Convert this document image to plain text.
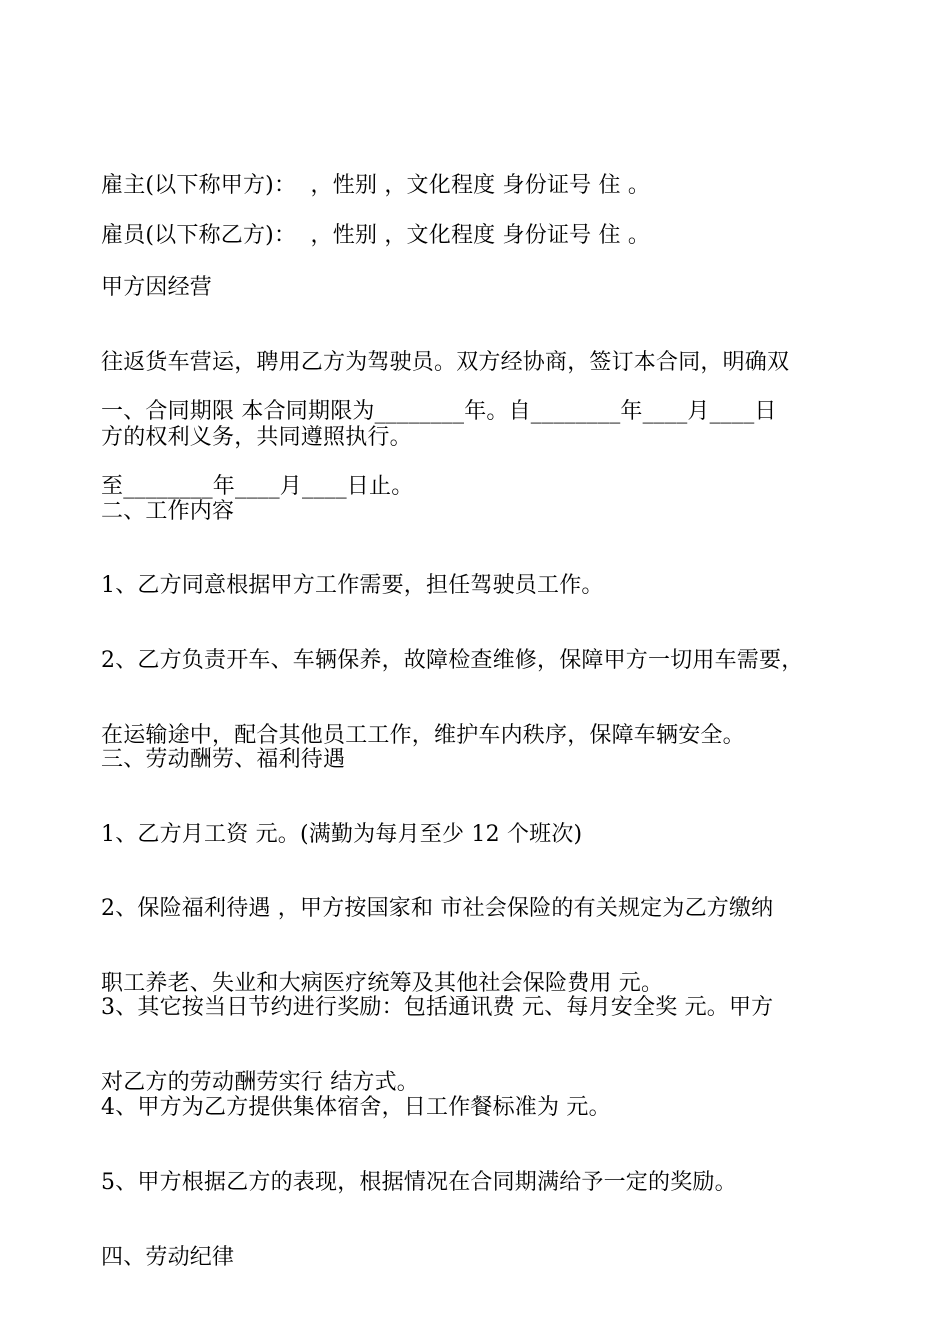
雇主(以下称甲方)：  ，性别 ，文化程度 身份证号 住 。

雇员(以下称乙方)：  ，性别 ，文化程度 身份证号 住 。

甲方因经营

往返货车营运，聘用乙方为驾驶员。双方经协商，签订本合同，明确双

方的权利义务，共同遵照执行。

一、合同期限 本合同期限为________年。自________年____月____日

至________年____月____日止。

二、工作内容

1、乙方同意根据甲方工作需要，担任驾驶员工作。

2、乙方负责开车、车辆保养，故障检查维修，保障甲方一切用车需要，

在运输途中，配合其他员工工作，维护车内秩序，保障车辆安全。

三、劳动酬劳、福利待遇

1、乙方月工资 元。(满勤为每月至少 12 个班次)

2、保险福利待遇 ，甲方按国家和 市社会保险的有关规定为乙方缴纳

职工养老、失业和大病医疗统筹及其他社会保险费用 元。

3、其它按当日节约进行奖励：包括通讯费 元、每月安全奖 元。甲方

对乙方的劳动酬劳实行 结方式。

4、甲方为乙方提供集体宿舍，日工作餐标准为 元。

5、甲方根据乙方的表现，根据情况在合同期满给予一定的奖励。

四、劳动纪律
